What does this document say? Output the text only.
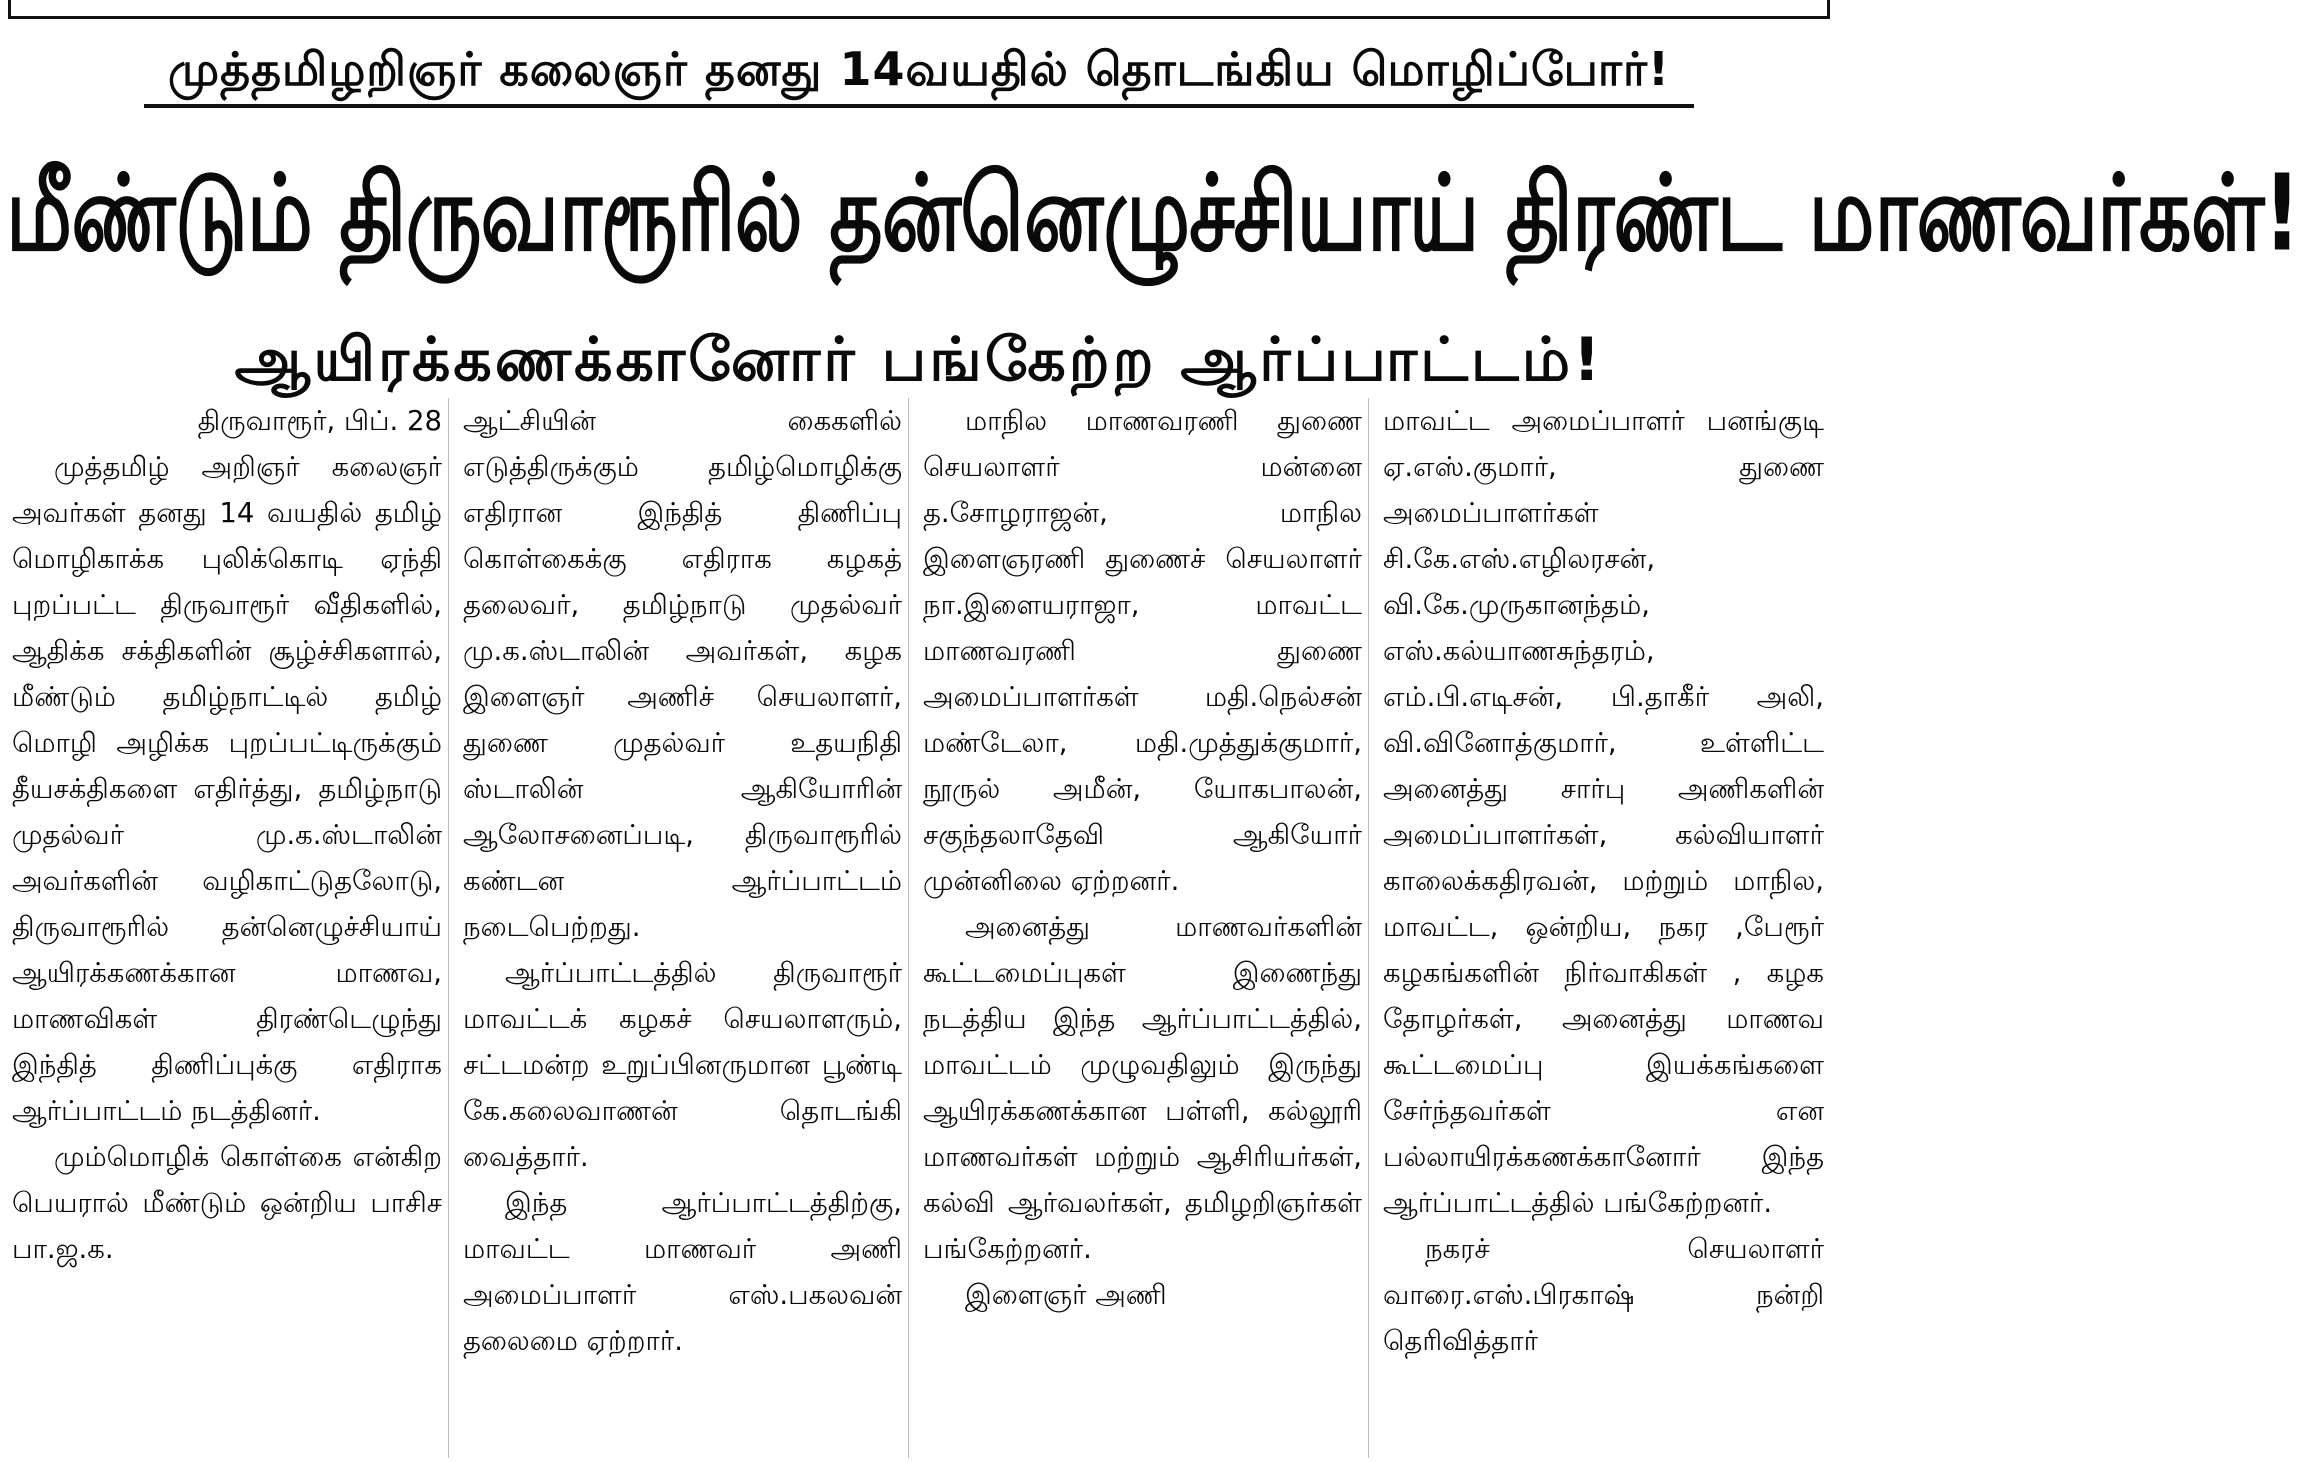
முத்தமிழறிஞர் கலைஞர் தனது 14வயதில் தொடங்கிய மொழிப்போர்!
மீண்டும் திருவாரூரில் தன்னெழுச்சியாய் திரண்ட மாணவர்கள்!
ஆயிரக்கணக்கானோர் பங்கேற்ற ஆர்ப்பாட்டம்!

திருவாரூர், பிப். 28

முத்தமிழ் அறிஞர் கலைஞர் அவர்கள் தனது 14 வயதில் தமிழ் மொழிகாக்க புலிக்கொடி ஏந்தி புறப்பட்ட திருவாரூர் வீதிகளில், ஆதிக்க சக்திகளின் சூழ்ச்சிகளால், மீண்டும் தமிழ்நாட்டில் தமிழ் மொழி அழிக்க புறப்பட்டிருக்கும் தீயசக்திகளை எதிர்த்து, தமிழ்நாடு முதல்வர் மு.க.ஸ்டாலின் அவர்களின் வழிகாட்டுதலோடு, திருவாரூரில் தன்னெழுச்சியாய் ஆயிரக்கணக்கான மாணவ, மாணவிகள் திரண்டெழுந்து இந்தித் திணிப்புக்கு எதிராக ஆர்ப்பாட்டம் நடத்தினர்.

மும்மொழிக் கொள்கை என்கிற பெயரால் மீண்டும் ஒன்றிய பாசிச பா.ஜ.க.

ஆட்சியின் கைகளில் எடுத்திருக்கும் தமிழ்மொழிக்கு எதிரான இந்தித் திணிப்பு கொள்கைக்கு எதிராக கழகத் தலைவர், தமிழ்நாடு முதல்வர் மு.க.ஸ்டாலின் அவர்கள், கழக இளைஞர் அணிச் செயலாளர், துணை முதல்வர் உதயநிதி ஸ்டாலின் ஆகியோரின் ஆலோசனைப்படி, திருவாரூரில் கண்டன ஆர்ப்பாட்டம் நடைபெற்றது.

ஆர்ப்பாட்டத்தில் திருவாரூர் மாவட்டக் கழகச் செயலாளரும், சட்டமன்ற உறுப்பினருமான பூண்டி கே.கலைவாணன் தொடங்கி வைத்தார்.

இந்த ஆர்ப்பாட்டத்திற்கு, மாவட்ட மாணவர் அணி அமைப்பாளர் எஸ்.பகலவன் தலைமை ஏற்றார்.

மாநில மாணவரணி துணை செயலாளர் மன்னை த.சோழராஜன், மாநில இளைஞரணி துணைச் செயலாளர் நா.இளையராஜா, மாவட்ட மாணவரணி துணை அமைப்பாளர்கள் மதி.நெல்சன் மண்டேலா, மதி.முத்துக்குமார், நூருல் அமீன், யோகபாலன், சகுந்தலாதேவி ஆகியோர் முன்னிலை ஏற்றனர்.

அனைத்து மாணவர்களின் கூட்டமைப்புகள் இணைந்து நடத்திய இந்த ஆர்ப்பாட்டத்தில், மாவட்டம் முழுவதிலும் இருந்து ஆயிரக்கணக்கான பள்ளி, கல்லூரி மாணவர்கள் மற்றும் ஆசிரியர்கள், கல்வி ஆர்வலர்கள், தமிழறிஞர்கள் பங்கேற்றனர்.

இளைஞர் அணி

மாவட்ட அமைப்பாளர் பனங்குடி ஏ.எஸ்.குமார், துணை அமைப்பாளர்கள் சி.கே.எஸ்.எழிலரசன், வி.கே.முருகானந்தம், எஸ்.கல்யாணசுந்தரம், எம்.பி.எடிசன், பி.தாகீர் அலி, வி.வினோத்குமார், உள்ளிட்ட அனைத்து சார்பு அணிகளின் அமைப்பாளர்கள், கல்வியாளர் காலைக்கதிரவன், மற்றும் மாநில, மாவட்ட, ஒன்றிய, நகர ,பேரூர் கழகங்களின் நிர்வாகிகள் , கழக தோழர்கள், அனைத்து மாணவ கூட்டமைப்பு இயக்கங்களை சேர்ந்தவர்கள் என பல்லாயிரக்கணக்கானோர் இந்த ஆர்ப்பாட்டத்தில் பங்கேற்றனர்.

நகரச் செயலாளர் வாரை.எஸ்.பிரகாஷ் நன்றி தெரிவித்தார்
